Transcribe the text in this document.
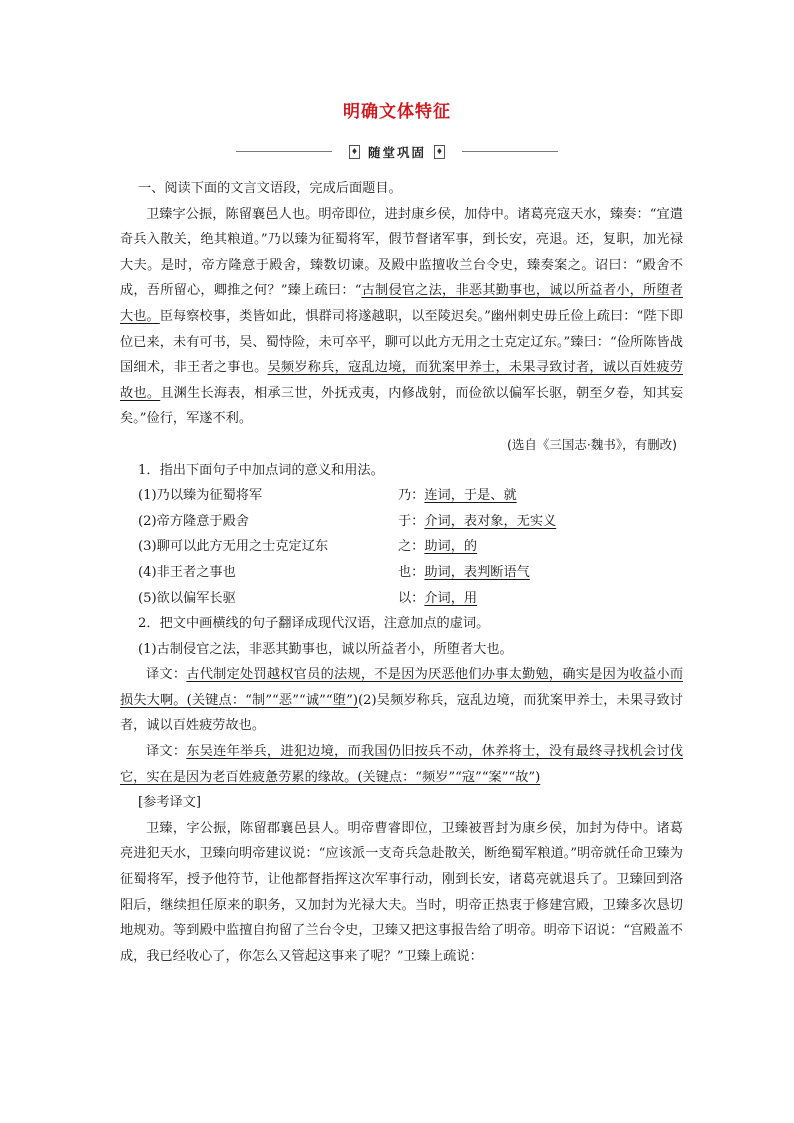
明确文体特征
♦ 随堂巩固 ♦

一、阅读下面的文言文语段，完成后面题目。

卫臻字公振，陈留襄邑人也。明帝即位，进封康乡侯，加侍中。诸葛亮寇天水，臻奏：“宜遣奇兵入散关，绝其粮道。”乃以臻为征蜀将军，假节督诸军事，到长安，亮退。还，复职，加光禄大夫。是时，帝方隆意于殿舍，臻数切谏。及殿中监擅收兰台令史，臻奏案之。诏曰：“殿舍不成，吾所留心，卿推之何？”臻上疏曰：“古制侵官之法，非恶其勤事也，诚以所益者小，所堕者大也。臣每察校事，类皆如此，惧群司将遂越职，以至陵迟矣。”幽州刺史毋丘俭上疏曰：“陛下即位已来，未有可书，吴、蜀恃险，未可卒平，聊可以此方无用之士克定辽东。”臻曰：“俭所陈皆战国细术，非王者之事也。吴频岁称兵，寇乱边境，而犹案甲养士，未果寻致讨者，诚以百姓疲劳故也。且渊生长海表，相承三世，外抚戎夷，内修战射，而俭欲以偏军长驱，朝至夕卷，知其妄矣。”俭行，军遂不利。

(选自《三国志·魏书》，有删改)

1．指出下面句子中加点词的意义和用法。

(1)乃以臻为征蜀将军	乃：连词，于是、就
(2)帝方隆意于殿舍	于：介词，表对象，无实义
(3)聊可以此方无用之士克定辽东	之：助词，的
(4)非王者之事也	也：助词，表判断语气
(5)欲以偏军长驱	以：介词，用

2．把文中画横线的句子翻译成现代汉语，注意加点的虚词。

(1)古制侵官之法，非恶其勤事也，诚以所益者小，所堕者大也。

译文：古代制定处罚越权官员的法规，不是因为厌恶他们办事太勤勉，确实是因为收益小而损失大啊。(关键点：“制”“恶”“诚”“堕”)(2)吴频岁称兵，寇乱边境，而犹案甲养士，未果寻致讨者，诚以百姓疲劳故也。

译文：东吴连年举兵，进犯边境，而我国仍旧按兵不动，休养将士，没有最终寻找机会讨伐它，实在是因为老百姓疲惫劳累的缘故。(关键点：“频岁”“寇”“案”“故”)

[参考译文]

卫臻，字公振，陈留郡襄邑县人。明帝曹睿即位，卫臻被晋封为康乡侯，加封为侍中。诸葛亮进犯天水，卫臻向明帝建议说：“应该派一支奇兵急赴散关，断绝蜀军粮道。”明帝就任命卫臻为征蜀将军，授予他符节，让他都督指挥这次军事行动，刚到长安，诸葛亮就退兵了。卫臻回到洛阳后，继续担任原来的职务，又加封为光禄大夫。当时，明帝正热衷于修建宫殿，卫臻多次恳切地规劝。等到殿中监擅自拘留了兰台令史，卫臻又把这事报告给了明帝。明帝下诏说：“宫殿盖不成，我已经收心了，你怎么又管起这事来了呢？”卫臻上疏说：
